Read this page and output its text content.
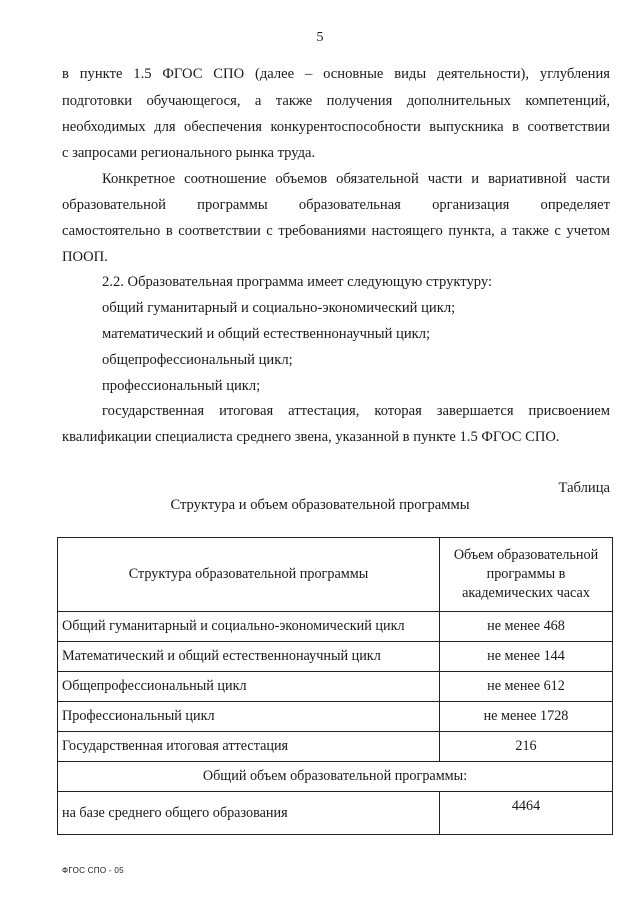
5
в пункте 1.5 ФГОС СПО (далее – основные виды деятельности), углубления
подготовки обучающегося, а также получения дополнительных компетенций,
необходимых для обеспечения конкурентоспособности выпускника в соответствии
с запросами регионального рынка труда.
Конкретное соотношение объемов обязательной части и вариативной части
образовательной программы образовательная организация определяет
самостоятельно в соответствии с требованиями настоящего пункта, а также с учетом
ПООП.
2.2. Образовательная программа имеет следующую структуру:
общий гуманитарный и социально-экономический цикл;
математический и общий естественнонаучный цикл;
общепрофессиональный цикл;
профессиональный цикл;
государственная итоговая аттестация, которая завершается присвоением
квалификации специалиста среднего звена, указанной в пункте 1.5 ФГОС СПО.
Таблица
Структура и объем образовательной программы
Структура образовательной программы	Объем образовательной
программы в
академических часах

Общий гуманитарный и социально-экономический цикл	не менее 468
Математический и общий естественнонаучный цикл	не менее 144
Общепрофессиональный цикл	не менее 612
Профессиональный цикл	не менее 1728
Государственная итоговая аттестация	216
Общий объем образовательной программы:	
на базе среднего общего образования	4464
ФГОС СПО - 05
